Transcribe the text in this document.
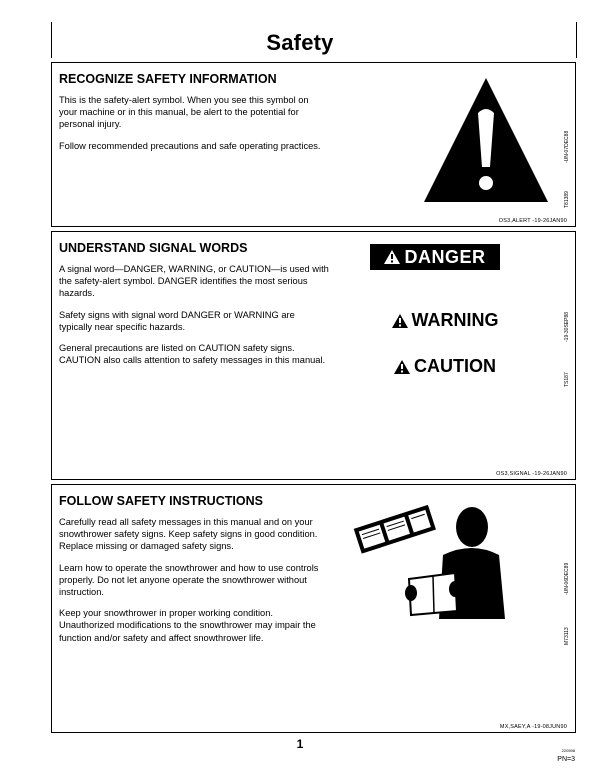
Safety
RECOGNIZE SAFETY INFORMATION

This is the safety-alert symbol. When you see this symbol on your machine or in this manual, be alert to the potential for personal injury.

Follow recommended precautions and safe operating practices.	-UN-07DEC88
T81389
OS3,ALERT -19-26JAN90
UNDERSTAND SIGNAL WORDS

A signal word—DANGER, WARNING, or CAUTION—is used with the safety-alert symbol. DANGER identifies the most serious hazards.

Safety signs with signal word DANGER or WARNING are typically near specific hazards.

General precautions are listed on CAUTION safety signs. CAUTION also calls attention to safety messages in this manual.

DANGER
WARNING
CAUTION
-19-30SEP88
TS187
OS3,SIGNAL -19-26JAN90
FOLLOW SAFETY INSTRUCTIONS

Carefully read all safety messages in this manual and on your snowthrower safety signs. Keep safety signs in good condition. Replace missing or damaged safety signs.

Learn how to operate the snowthrower and how to use controls properly. Do not let anyone operate the snowthrower without instruction.

Keep your snowthrower in proper working condition. Unauthorized modifications to the snowthrower may impair the function and/or safety and affect snowthrower life.

-UN-06DEC89
M73113
MX,SAEY,A -19-08JUN90
1	220598
PN=3
